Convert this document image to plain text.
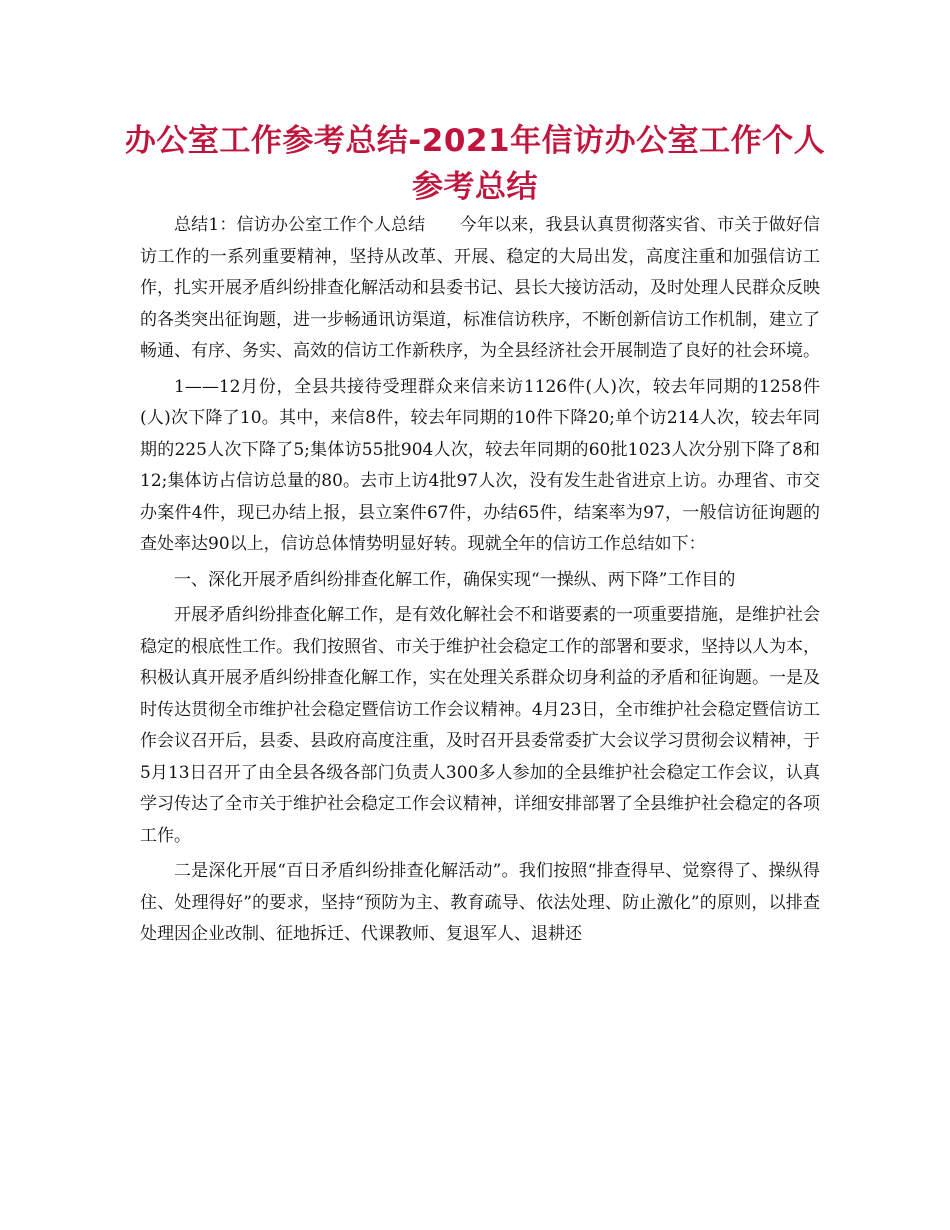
办公室工作参考总结-2021年信访办公室工作个人参考总结

总结1：信访办公室工作个人总结　　今年以来，我县认真贯彻落实省、市关于做好信访工作的一系列重要精神，坚持从改革、开展、稳定的大局出发，高度注重和加强信访工作，扎实开展矛盾纠纷排查化解活动和县委书记、县长大接访活动，及时处理人民群众反映的各类突出征询题，进一步畅通讯访渠道，标准信访秩序，不断创新信访工作机制，建立了畅通、有序、务实、高效的信访工作新秩序，为全县经济社会开展制造了良好的社会环境。

1——12月份，全县共接待受理群众来信来访1126件(人)次，较去年同期的1258件(人)次下降了10。其中，来信8件，较去年同期的10件下降20;单个访214人次，较去年同期的225人次下降了5;集体访55批904人次，较去年同期的60批1023人次分别下降了8和12;集体访占信访总量的80。去市上访4批97人次，没有发生赴省进京上访。办理省、市交办案件4件，现已办结上报，县立案件67件，办结65件，结案率为97，一般信访征询题的查处率达90以上，信访总体情势明显好转。现就全年的信访工作总结如下：

一、深化开展矛盾纠纷排查化解工作，确保实现“一操纵、两下降”工作目的

开展矛盾纠纷排查化解工作，是有效化解社会不和谐要素的一项重要措施，是维护社会稳定的根底性工作。我们按照省、市关于维护社会稳定工作的部署和要求，坚持以人为本，积极认真开展矛盾纠纷排查化解工作，实在处理关系群众切身利益的矛盾和征询题。一是及时传达贯彻全市维护社会稳定暨信访工作会议精神。4月23日，全市维护社会稳定暨信访工作会议召开后，县委、县政府高度注重，及时召开县委常委扩大会议学习贯彻会议精神，于5月13日召开了由全县各级各部门负责人300多人参加的全县维护社会稳定工作会议，认真学习传达了全市关于维护社会稳定工作会议精神，详细安排部署了全县维护社会稳定的各项工作。

二是深化开展“百日矛盾纠纷排查化解活动”。我们按照“排查得早、觉察得了、操纵得住、处理得好”的要求，坚持“预防为主、教育疏导、依法处理、防止激化”的原则，以排查处理因企业改制、征地拆迁、代课教师、复退军人、退耕还
